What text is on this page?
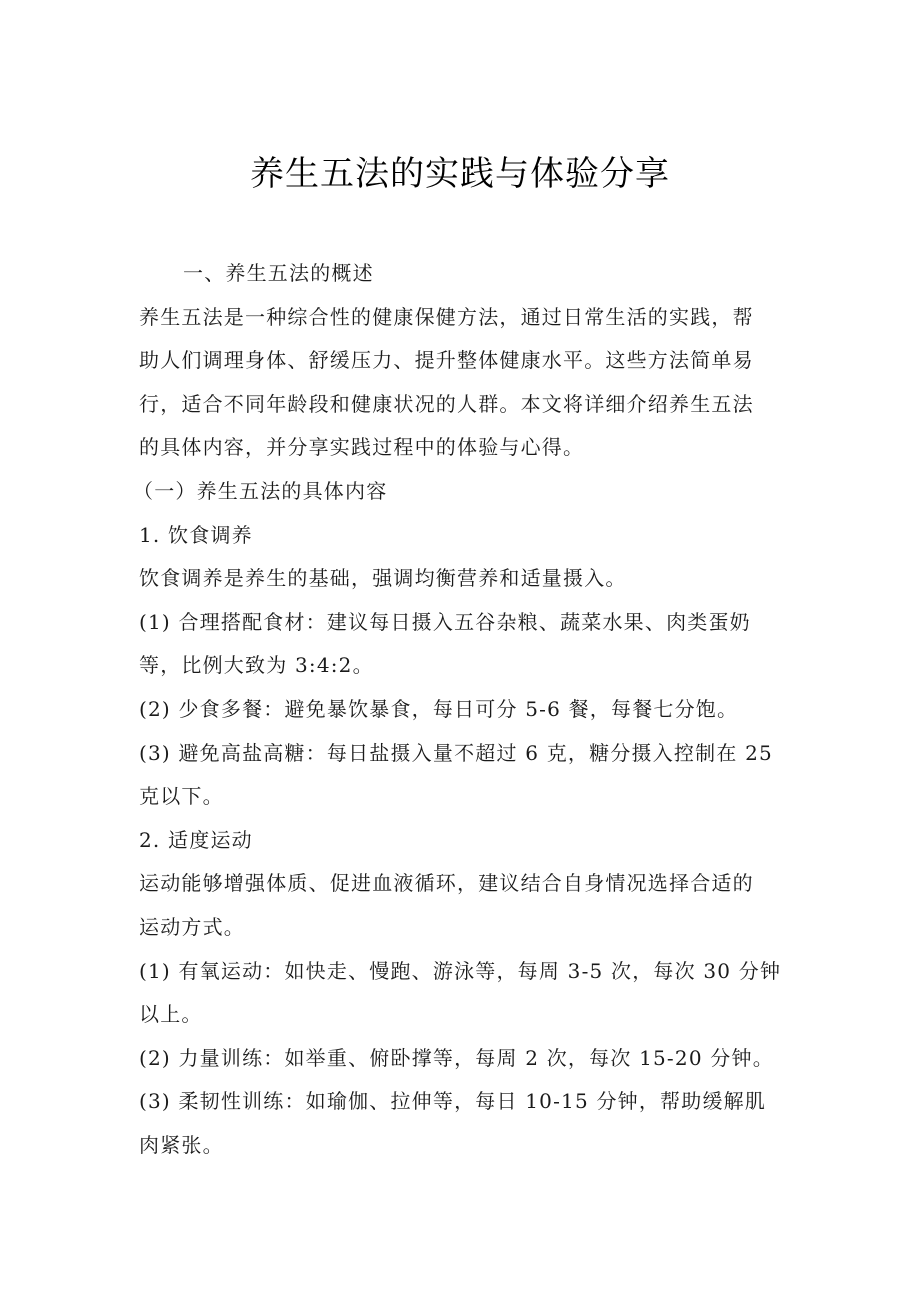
养生五法的实践与体验分享
一、养生五法的概述
养生五法是一种综合性的健康保健方法，通过日常生活的实践，帮
助人们调理身体、舒缓压力、提升整体健康水平。这些方法简单易
行，适合不同年龄段和健康状况的人群。本文将详细介绍养生五法
的具体内容，并分享实践过程中的体验与心得。
（一）养生五法的具体内容
1. 饮食调养
饮食调养是养生的基础，强调均衡营养和适量摄入。
(1) 合理搭配食材：建议每日摄入五谷杂粮、蔬菜水果、肉类蛋奶
等，比例大致为 3:4:2。
(2) 少食多餐：避免暴饮暴食，每日可分 5-6 餐，每餐七分饱。
(3) 避免高盐高糖：每日盐摄入量不超过 6 克，糖分摄入控制在 25
克以下。
2. 适度运动
运动能够增强体质、促进血液循环，建议结合自身情况选择合适的
运动方式。
(1) 有氧运动：如快走、慢跑、游泳等，每周 3-5 次，每次 30 分钟
以上。
(2) 力量训练：如举重、俯卧撑等，每周 2 次，每次 15-20 分钟。
(3) 柔韧性训练：如瑜伽、拉伸等，每日 10-15 分钟，帮助缓解肌
肉紧张。
